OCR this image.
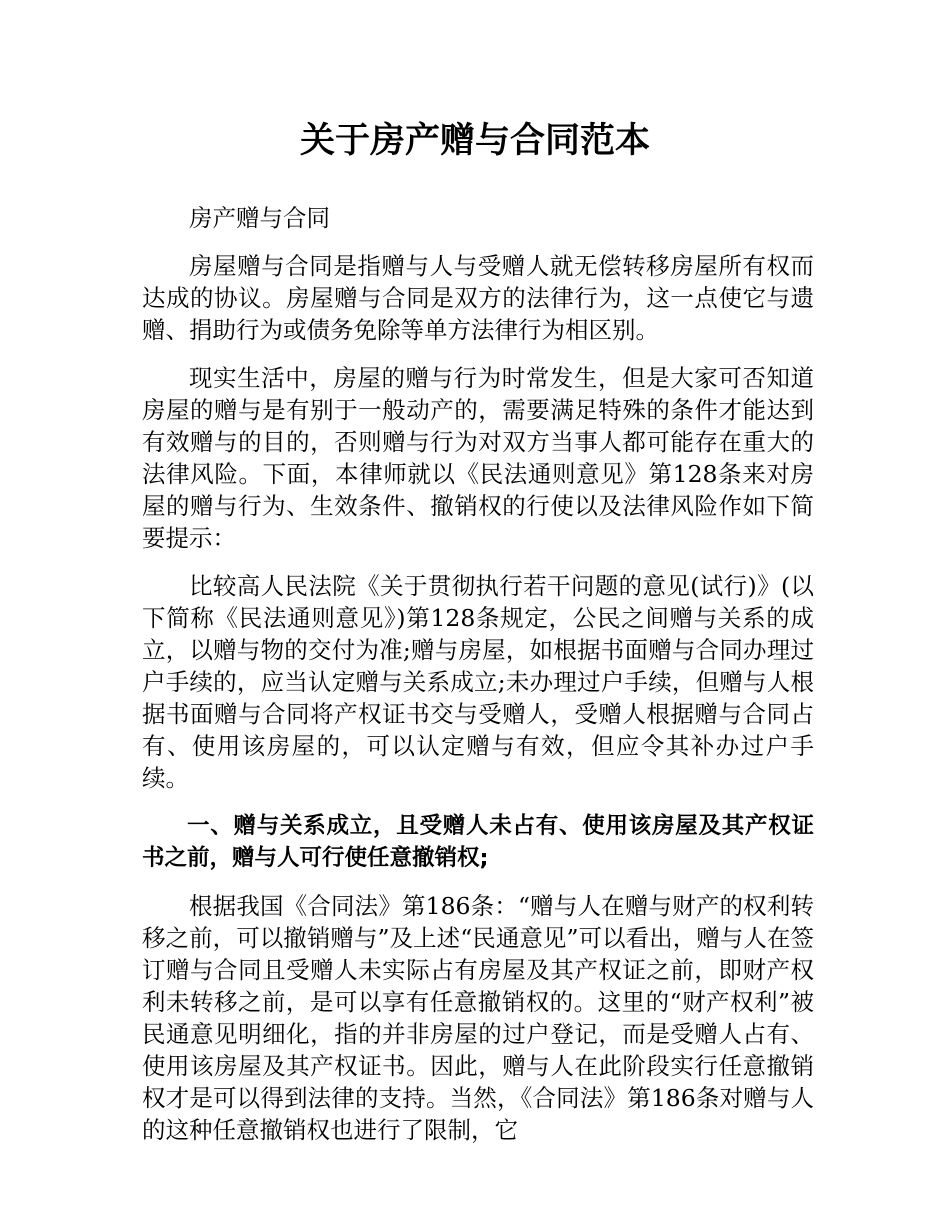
关于房产赠与合同范本

房产赠与合同

房屋赠与合同是指赠与人与受赠人就无偿转移房屋所有权而达成的协议。房屋赠与合同是双方的法律行为，这一点使它与遗赠、捐助行为或债务免除等单方法律行为相区别。

现实生活中，房屋的赠与行为时常发生，但是大家可否知道房屋的赠与是有别于一般动产的，需要满足特殊的条件才能达到有效赠与的目的，否则赠与行为对双方当事人都可能存在重大的法律风险。下面，本律师就以《民法通则意见》第128条来对房屋的赠与行为、生效条件、撤销权的行使以及法律风险作如下简要提示：

比较高人民法院《关于贯彻执行若干问题的意见(试行)》(以下简称《民法通则意见》)第128条规定，公民之间赠与关系的成立，以赠与物的交付为准;赠与房屋，如根据书面赠与合同办理过户手续的，应当认定赠与关系成立;未办理过户手续，但赠与人根据书面赠与合同将产权证书交与受赠人，受赠人根据赠与合同占有、使用该房屋的，可以认定赠与有效，但应令其补办过户手续。

一、赠与关系成立，且受赠人未占有、使用该房屋及其产权证书之前，赠与人可行使任意撤销权;

根据我国《合同法》第186条：“赠与人在赠与财产的权利转移之前，可以撤销赠与”及上述“民通意见”可以看出，赠与人在签订赠与合同且受赠人未实际占有房屋及其产权证之前，即财产权利未转移之前，是可以享有任意撤销权的。这里的“财产权利”被民通意见明细化，指的并非房屋的过户登记，而是受赠人占有、使用该房屋及其产权证书。因此，赠与人在此阶段实行任意撤销权才是可以得到法律的支持。当然，《合同法》第186条对赠与人的这种任意撤销权也进行了限制，它
